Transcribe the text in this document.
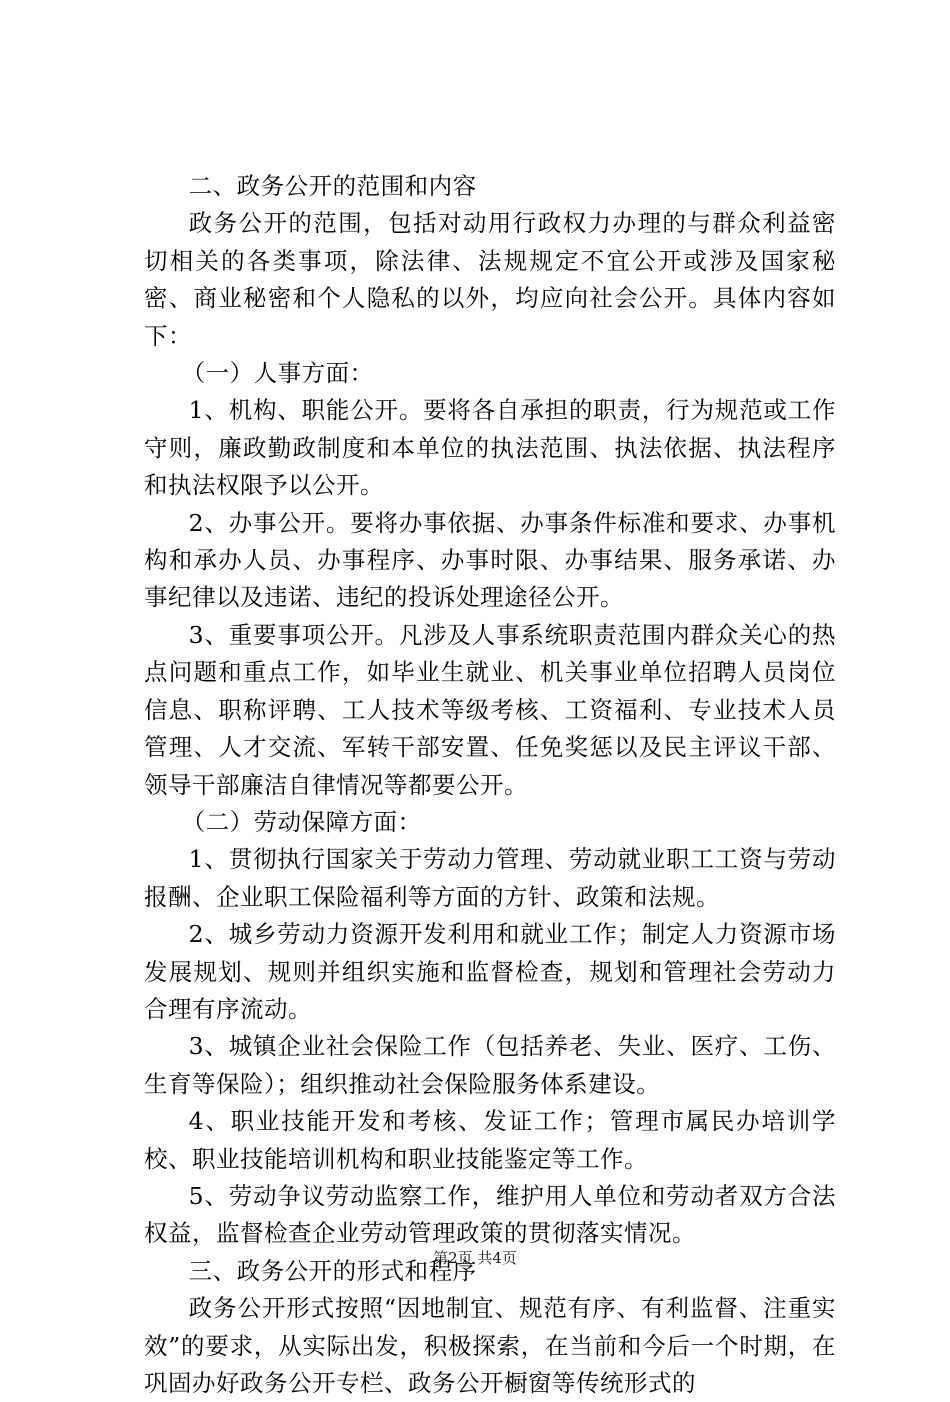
二、政务公开的范围和内容

政务公开的范围，包括对动用行政权力办理的与群众利益密切相关的各类事项，除法律、法规规定不宜公开或涉及国家秘密、商业秘密和个人隐私的以外，均应向社会公开。具体内容如下：

（一）人事方面：

1、机构、职能公开。要将各自承担的职责，行为规范或工作守则，廉政勤政制度和本单位的执法范围、执法依据、执法程序和执法权限予以公开。

2、办事公开。要将办事依据、办事条件标准和要求、办事机构和承办人员、办事程序、办事时限、办事结果、服务承诺、办事纪律以及违诺、违纪的投诉处理途径公开。

3、重要事项公开。凡涉及人事系统职责范围内群众关心的热点问题和重点工作，如毕业生就业、机关事业单位招聘人员岗位信息、职称评聘、工人技术等级考核、工资福利、专业技术人员管理、人才交流、军转干部安置、任免奖惩以及民主评议干部、领导干部廉洁自律情况等都要公开。

（二）劳动保障方面：

1、贯彻执行国家关于劳动力管理、劳动就业职工工资与劳动报酬、企业职工保险福利等方面的方针、政策和法规。

2、城乡劳动力资源开发利用和就业工作；制定人力资源市场发展规划、规则并组织实施和监督检查，规划和管理社会劳动力合理有序流动。

3、城镇企业社会保险工作（包括养老、失业、医疗、工伤、生育等保险）；组织推动社会保险服务体系建设。

4、职业技能开发和考核、发证工作；管理市属民办培训学校、职业技能培训机构和职业技能鉴定等工作。

5、劳动争议劳动监察工作，维护用人单位和劳动者双方合法权益，监督检查企业劳动管理政策的贯彻落实情况。

三、政务公开的形式和程序

政务公开形式按照“因地制宜、规范有序、有利监督、注重实效”的要求，从实际出发，积极探索，在当前和今后一个时期，在巩固办好政务公开专栏、政务公开橱窗等传统形式的

第2页 共4页
